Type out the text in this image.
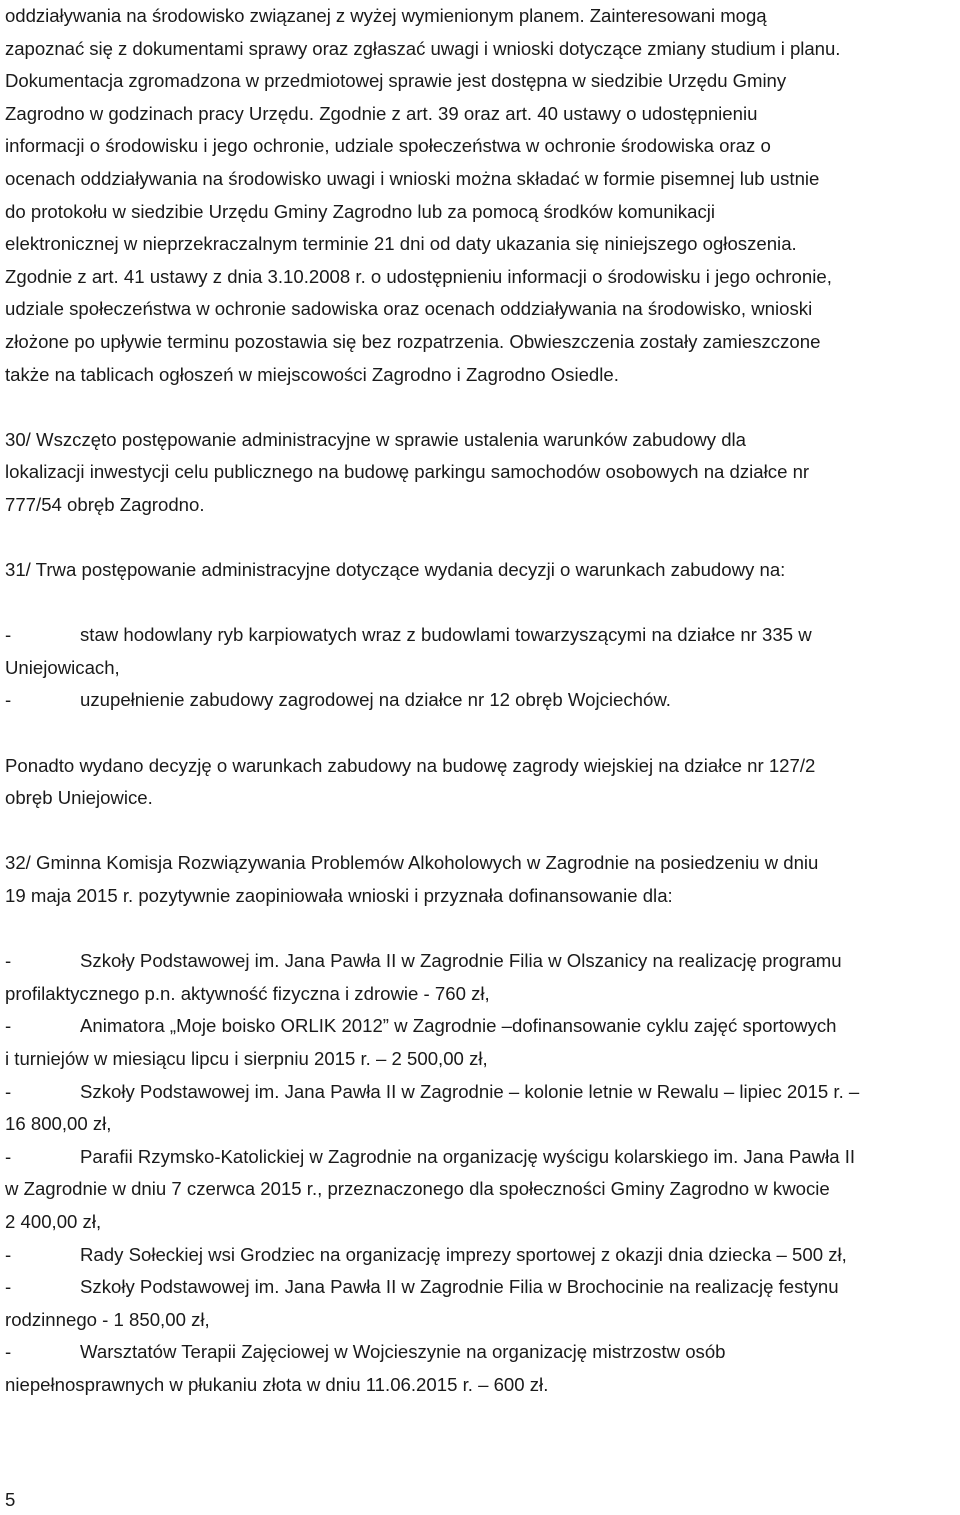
oddziaływania na środowisko związanej z wyżej wymienionym planem. Zainteresowani mogą
zapoznać się z dokumentami sprawy oraz zgłaszać uwagi i wnioski dotyczące zmiany studium i planu.
Dokumentacja zgromadzona w przedmiotowej sprawie jest dostępna w siedzibie Urzędu Gminy
Zagrodno w godzinach pracy Urzędu. Zgodnie z art. 39 oraz art. 40 ustawy o udostępnieniu
informacji o środowisku i jego ochronie, udziale społeczeństwa w ochronie środowiska oraz o
ocenach oddziaływania na środowisko uwagi i wnioski można składać w formie pisemnej lub ustnie
do protokołu w siedzibie Urzędu Gminy Zagrodno lub za pomocą środków komunikacji
elektronicznej w nieprzekraczalnym terminie 21 dni od daty ukazania się niniejszego ogłoszenia.
Zgodnie z art. 41 ustawy z dnia 3.10.2008 r. o udostępnieniu informacji o środowisku i jego ochronie,
udziale społeczeństwa w ochronie sadowiska oraz ocenach oddziaływania na środowisko, wnioski
złożone po upływie terminu pozostawia się bez rozpatrzenia. Obwieszczenia zostały zamieszczone
także na tablicach ogłoszeń w miejscowości Zagrodno i Zagrodno Osiedle.
30/ Wszczęto postępowanie administracyjne w sprawie ustalenia warunków zabudowy dla
lokalizacji inwestycji celu publicznego na budowę parkingu samochodów osobowych na działce nr
777/54 obręb Zagrodno.
31/ Trwa postępowanie administracyjne dotyczące wydania decyzji o warunkach zabudowy na:
-	staw hodowlany ryb karpiowatych wraz z budowlami towarzyszącymi na działce nr 335 w
Uniejowicach,
-	uzupełnienie zabudowy zagrodowej na działce nr 12 obręb Wojciechów.
Ponadto wydano decyzję o warunkach zabudowy na budowę zagrody wiejskiej na działce nr 127/2
obręb Uniejowice.
32/ Gminna Komisja Rozwiązywania Problemów Alkoholowych w Zagrodnie na posiedzeniu w dniu
19 maja 2015 r. pozytywnie zaopiniowała wnioski i przyznała dofinansowanie dla:
-	Szkoły Podstawowej im. Jana Pawła II w Zagrodnie Filia w Olszanicy na realizację programu
profilaktycznego p.n. aktywność fizyczna i zdrowie - 760 zł,
-	Animatora „Moje boisko ORLIK 2012” w Zagrodnie –dofinansowanie cyklu zajęć sportowych
i turniejów w miesiącu lipcu i sierpniu 2015 r. – 2 500,00 zł,
-	Szkoły Podstawowej im. Jana Pawła II w Zagrodnie – kolonie letnie w Rewalu – lipiec 2015 r. –
16 800,00 zł,
-	Parafii Rzymsko-Katolickiej w Zagrodnie na organizację wyścigu kolarskiego im. Jana Pawła II
w Zagrodnie w dniu 7 czerwca 2015 r., przeznaczonego dla społeczności Gminy Zagrodno w kwocie
2 400,00 zł,
-	Rady Sołeckiej wsi Grodziec na organizację imprezy sportowej z okazji dnia dziecka – 500 zł,
-	Szkoły Podstawowej im. Jana Pawła II w Zagrodnie Filia w Brochocinie na realizację festynu
rodzinnego - 1 850,00 zł,
-	Warsztatów Terapii Zajęciowej w Wojcieszynie na organizację mistrzostw osób
niepełnosprawnych w płukaniu złota w dniu 11.06.2015 r. – 600 zł.
5
